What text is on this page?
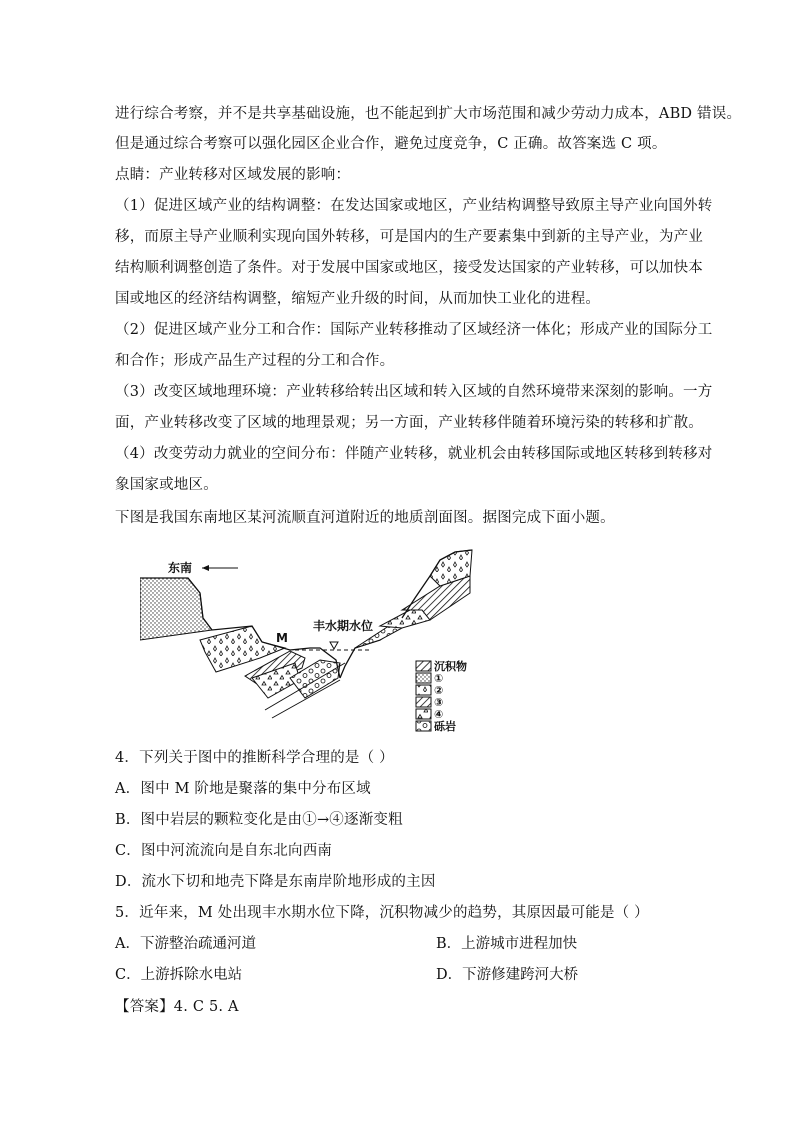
进行综合考察，并不是共享基础设施，也不能起到扩大市场范围和减少劳动力成本，ABD 错误。
但是通过综合考察可以强化园区企业合作，避免过度竞争，C 正确。故答案选 C 项。
点睛：产业转移对区域发展的影响：
（1）促进区域产业的结构调整：在发达国家或地区，产业结构调整导致原主导产业向国外转
移，而原主导产业顺利实现向国外转移，可是国内的生产要素集中到新的主导产业，为产业
结构顺利调整创造了条件。对于发展中国家或地区，接受发达国家的产业转移，可以加快本
国或地区的经济结构调整，缩短产业升级的时间，从而加快工业化的进程。
（2）促进区域产业分工和合作：国际产业转移推动了区域经济一体化；形成产业的国际分工
和合作；形成产品生产过程的分工和合作。
（3）改变区域地理环境：产业转移给转出区域和转入区域的自然环境带来深刻的影响。一方
面，产业转移改变了区域的地理景观；另一方面，产业转移伴随着环境污染的转移和扩散。
（4）改变劳动力就业的空间分布：伴随产业转移，就业机会由转移国际或地区转移到转移对
象国家或地区。
下图是我国东南地区某河流顺直河道附近的地质剖面图。据图完成下面小题。
东南
丰水期水位
M
沉积物
①
②
③
④
砾岩
4．下列关于图中的推断科学合理的是（ ）
A．图中 M 阶地是聚落的集中分布区域
B．图中岩层的颗粒变化是由①→④逐渐变粗
C．图中河流流向是自东北向西南
D．流水下切和地壳下降是东南岸阶地形成的主因
5．近年来，M 处出现丰水期水位下降，沉积物减少的趋势，其原因最可能是（ ）
A．下游整治疏通河道	B．上游城市进程加快
C．上游拆除水电站	D．下游修建跨河大桥
【答案】4. C 5. A
